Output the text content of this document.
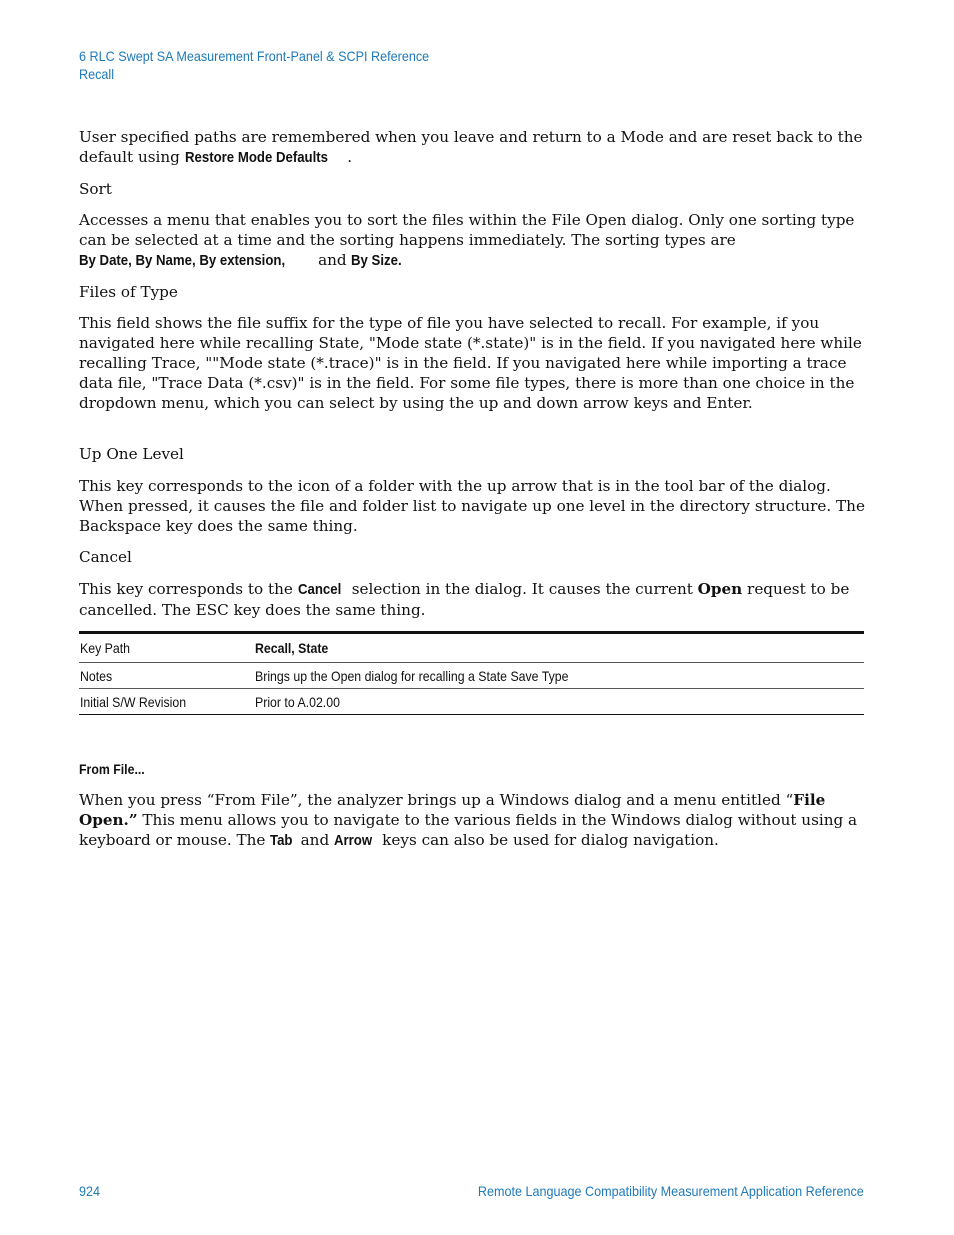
6 RLC Swept SA Measurement Front-Panel & SCPI Reference
Recall
User specified paths are remembered when you leave and return to a Mode and are reset back to the default using Restore Mode Defaults .
Sort
Accesses a menu that enables you to sort the files within the File Open dialog. Only one sorting type can be selected at a time and the sorting happens immediately. The sorting types are By Date, By Name, By extension, and By Size.
Files of Type
This field shows the file suffix for the type of file you have selected to recall. For example, if you navigated here while recalling State, "Mode state (*.state)" is in the field. If you navigated here while recalling Trace, ""Mode state (*.trace)" is in the field. If you navigated here while importing a trace data file, "Trace Data (*.csv)" is in the field. For some file types, there is more than one choice in the dropdown menu, which you can select by using the up and down arrow keys and Enter.
Up One Level
This key corresponds to the icon of a folder with the up arrow that is in the tool bar of the dialog. When pressed, it causes the file and folder list to navigate up one level in the directory structure. The Backspace key does the same thing.
Cancel
This key corresponds to the Cancel selection in the dialog. It causes the current Open request to be cancelled. The ESC key does the same thing.
Key Path	Recall, State
Notes	Brings up the Open dialog for recalling a State Save Type
Initial S/W Revision	Prior to A.02.00
From File...
When you press “From File”, the analyzer brings up a Windows dialog and a menu entitled “File Open.” This menu allows you to navigate to the various fields in the Windows dialog without using a keyboard or mouse. The Tab and Arrow keys can also be used for dialog navigation.
924	Remote Language Compatibility Measurement Application Reference
